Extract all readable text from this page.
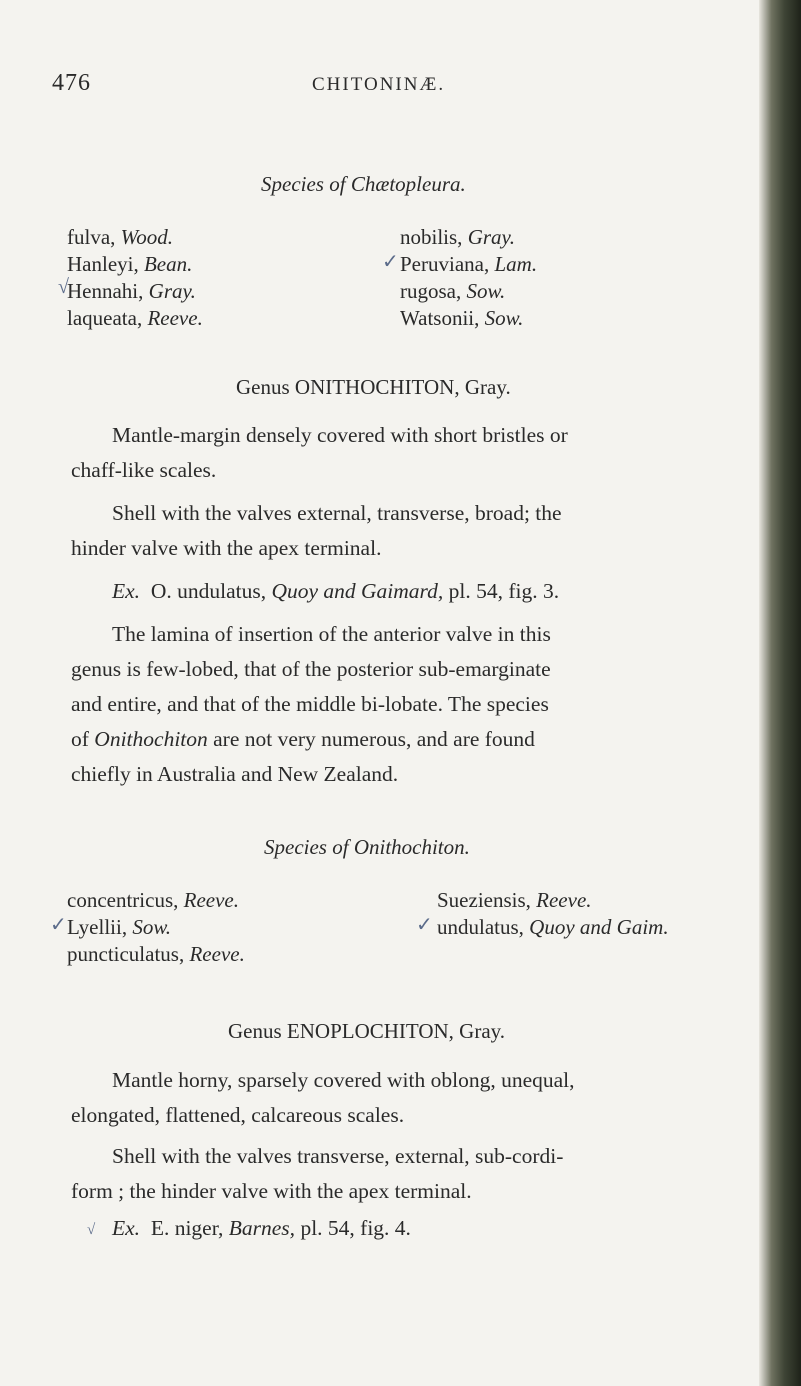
476	CHITONINÆ.
Species of Chætopleura.
fulva, Wood.
Hanleyi, Bean.
Hennahi, Gray.
laqueata, Reeve.
√
nobilis, Gray.
Peruviana, Lam.
rugosa, Sow.
Watsonii, Sow.
✓
Genus ONITHOCHITON, Gray.
Mantle-margin densely covered with short bristles or
chaff-like scales.
Shell with the valves external, transverse, broad; the
hinder valve with the apex terminal.
Ex. O. undulatus, Quoy and Gaimard, pl. 54, fig. 3.
The lamina of insertion of the anterior valve in this
genus is few-lobed, that of the posterior sub-emarginate
and entire, and that of the middle bi-lobate. The species
of Onithochiton are not very numerous, and are found
chiefly in Australia and New Zealand.
Species of Onithochiton.
concentricus, Reeve.
Lyellii, Sow.
puncticulatus, Reeve.
✓
Sueziensis, Reeve.
undulatus, Quoy and Gaim.
✓
Genus ENOPLOCHITON, Gray.
Mantle horny, sparsely covered with oblong, unequal,
elongated, flattened, calcareous scales.
Shell with the valves transverse, external, sub-cordi-
form ; the hinder valve with the apex terminal.
Ex. E. niger, Barnes, pl. 54, fig. 4.
√
